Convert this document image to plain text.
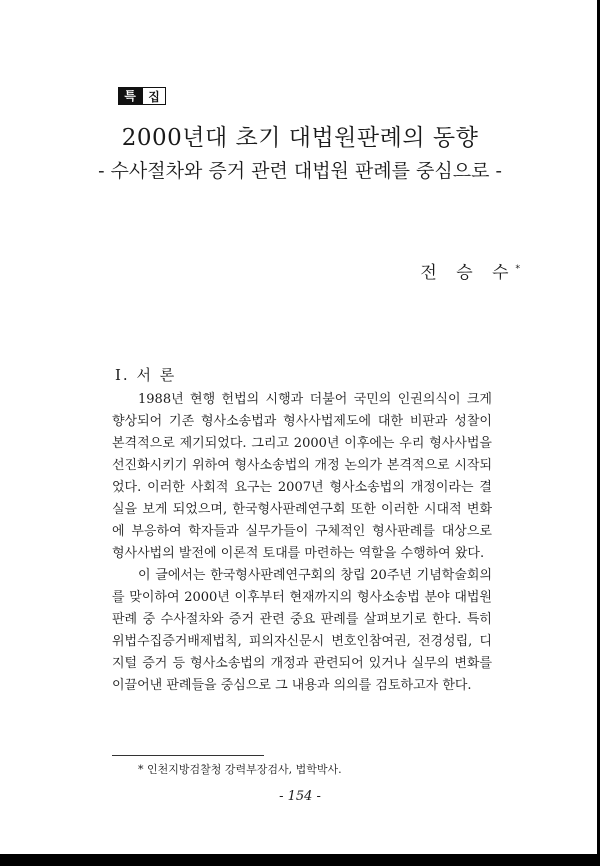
특	집
2000년대 초기 대법원판례의 동향
- 수사절차와 증거 관련 대법원 판례를 중심으로 -
전 승 수*
Ⅰ. 서 론

1988년 현행 헌법의 시행과 더불어 국민의 인권의식이 크게 향상되어 기존 형사소송법과 형사사법제도에 대한 비판과 성찰이 본격적으로 제기되었다. 그리고 2000년 이후에는 우리 형사사법을 선진화시키기 위하여 형사소송법의 개정 논의가 본격적으로 시작되었다. 이러한 사회적 요구는 2007년 형사소송법의 개정이라는 결실을 보게 되었으며, 한국형사판례연구회 또한 이러한 시대적 변화에 부응하여 학자들과 실무가들이 구체적인 형사판례를 대상으로 형사사법의 발전에 이론적 토대를 마련하는 역할을 수행하여 왔다.

이 글에서는 한국형사판례연구회의 창립 20주년 기념학술회의를 맞이하여 2000년 이후부터 현재까지의 형사소송법 분야 대법원 판례 중 수사절차와 증거 관련 중요 판례를 살펴보기로 한다. 특히 위법수집증거배제법칙, 피의자신문시 변호인참여권, 전경성립, 디지털 증거 등 형사소송법의 개정과 관련되어 있거나 실무의 변화를 이끌어낸 판례들을 중심으로 그 내용과 의의를 검토하고자 한다.

* 인천지방검찰청 강력부장검사, 법학박사.
- 154 -
